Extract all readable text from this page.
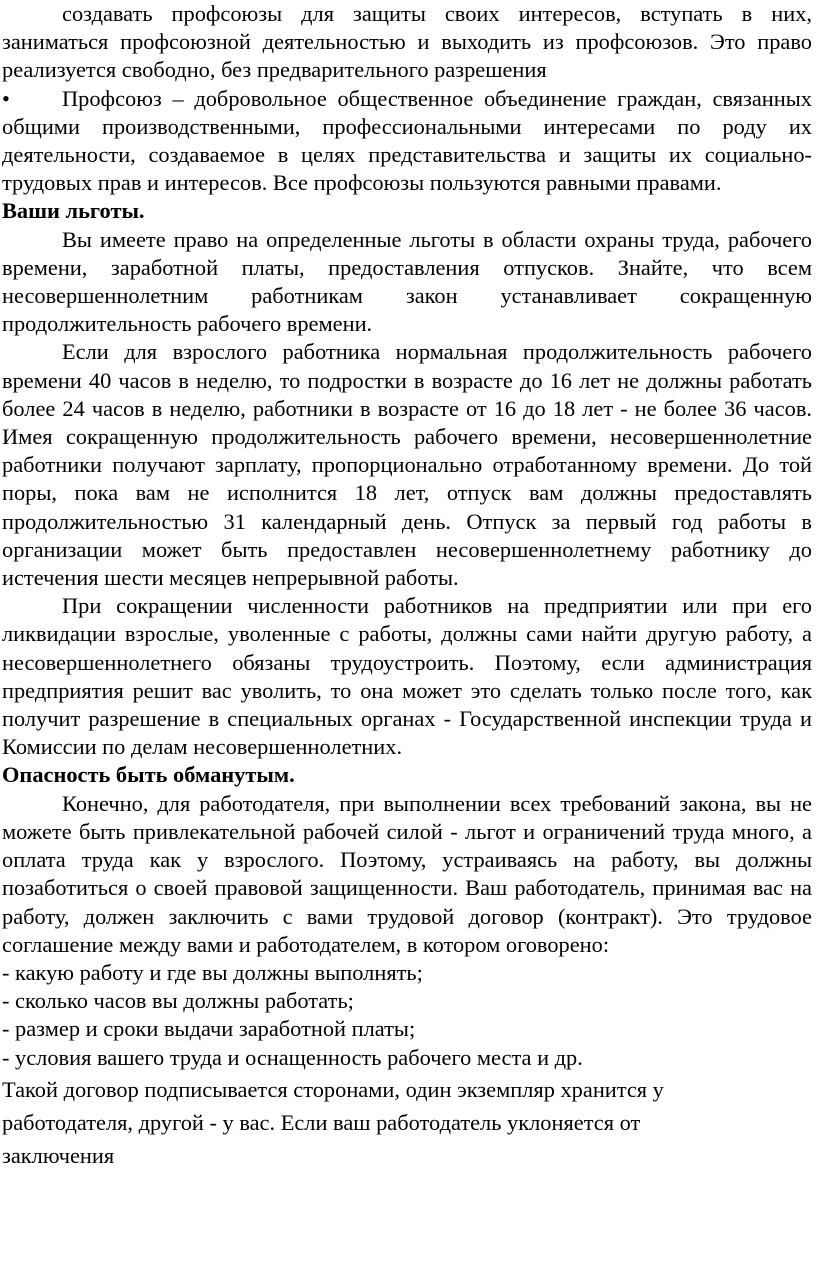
создавать профсоюзы для защиты своих интересов, вступать в них, заниматься профсоюзной деятельностью и выходить из профсоюзов. Это право реализуется свободно, без предварительного разрешения

• Профсоюз – добровольное общественное объединение граждан, связанных общими производственными, профессиональными интересами по роду их деятельности, создаваемое в целях представительства и защиты их социально-трудовых прав и интересов. Все профсоюзы пользуются равными правами.

Ваши льготы.

Вы имеете право на определенные льготы в области охраны труда, рабочего времени, заработной платы, предоставления отпусков. Знайте, что всем несовершеннолетним работникам закон устанавливает сокращенную продолжительность рабочего времени.

Если для взрослого работника нормальная продолжительность рабочего времени 40 часов в неделю, то подростки в возрасте до 16 лет не должны работать более 24 часов в неделю, работники в возрасте от 16 до 18 лет - не более 36 часов. Имея сокращенную продолжительность рабочего времени, несовершеннолетние работники получают зарплату, пропорционально отработанному времени. До той поры, пока вам не исполнится 18 лет, отпуск вам должны предоставлять продолжительностью 31 календарный день. Отпуск за первый год работы в организации может быть предоставлен несовершеннолетнему работнику до истечения шести месяцев непрерывной работы.

При сокращении численности работников на предприятии или при его ликвидации взрослые, уволенные с работы, должны сами найти другую работу, а несовершеннолетнего обязаны трудоустроить. Поэтому, если администрация предприятия решит вас уволить, то она может это сделать только после того, как получит разрешение в специальных органах - Государственной инспекции труда и Комиссии по делам несовершеннолетних.

Опасность быть обманутым.

Конечно, для работодателя, при выполнении всех требований закона, вы не можете быть привлекательной рабочей силой - льгот и ограничений труда много, а оплата труда как у взрослого. Поэтому, устраиваясь на работу, вы должны позаботиться о своей правовой защищенности. Ваш работодатель, принимая вас на работу, должен заключить с вами трудовой договор (контракт). Это трудовое соглашение между вами и работодателем, в котором оговорено:

- какую работу и где вы должны выполнять;

- сколько часов вы должны работать;

- размер и сроки выдачи заработной платы;

- условия вашего труда и оснащенность рабочего места и др.

Такой договор подписывается сторонами, один экземпляр хранится у
работодателя, другой - у вас. Если ваш работодатель уклоняется от
заключения
